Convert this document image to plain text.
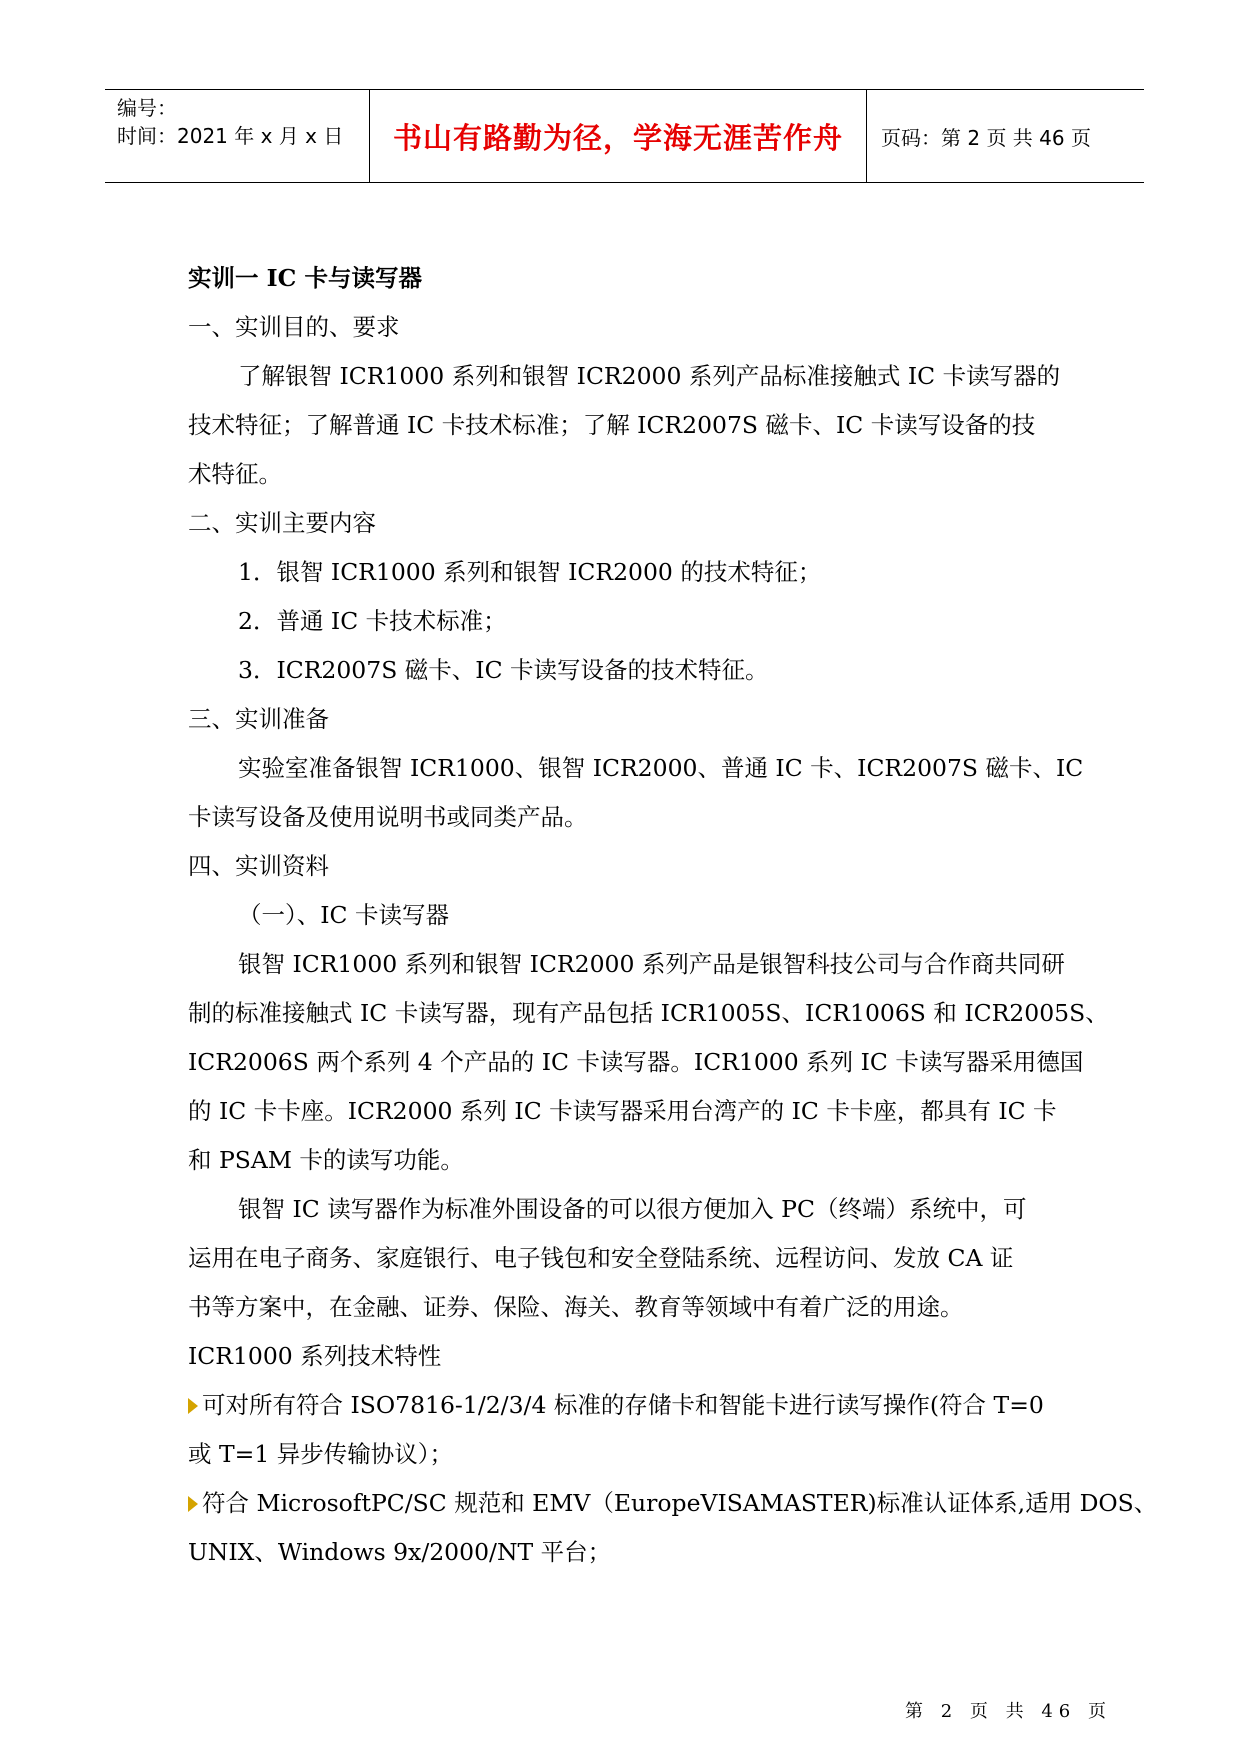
编号：
时间：2021 年 x 月 x 日	书山有路勤为径，学海无涯苦作舟 页码：第 2 页 共 46 页

实训一 IC 卡与读写器

一、实训目的、要求

了解银智 ICR1000 系列和银智 ICR2000 系列产品标准接触式 IC 卡读写器的

技术特征；了解普通 IC 卡技术标准；了解 ICR2007S 磁卡、IC 卡读写设备的技

术特征。

二、实训主要内容

1．银智 ICR1000 系列和银智 ICR2000 的技术特征；

2．普通 IC 卡技术标准；

3．ICR2007S 磁卡、IC 卡读写设备的技术特征。

三、实训准备

实验室准备银智 ICR1000、银智 ICR2000、普通 IC 卡、ICR2007S 磁卡、IC

卡读写设备及使用说明书或同类产品。

四、实训资料

（一）、IC 卡读写器

银智 ICR1000 系列和银智 ICR2000 系列产品是银智科技公司与合作商共同研

制的标准接触式 IC 卡读写器，现有产品包括 ICR1005S、ICR1006S 和 ICR2005S、

ICR2006S 两个系列 4 个产品的 IC 卡读写器。ICR1000 系列 IC 卡读写器采用德国

的 IC 卡卡座。ICR2000 系列 IC 卡读写器采用台湾产的 IC 卡卡座，都具有 IC 卡

和 PSAM 卡的读写功能。

银智 IC 读写器作为标准外围设备的可以很方便加入 PC（终端）系统中，可

运用在电子商务、家庭银行、电子钱包和安全登陆系统、远程访问、发放 CA 证

书等方案中，在金融、证券、保险、海关、教育等领域中有着广泛的用途。

ICR1000 系列技术特性

可对所有符合 ISO7816-1/2/3/4 标准的存储卡和智能卡进行读写操作(符合 T=0

或 T=1 异步传输协议）；

符合 MicrosoftPC/SC 规范和 EMV（EuropeVISAMASTER)标准认证体系,适用 DOS、

UNIX、Windows 9x/2000/NT 平台；

第 2 页 共 46 页
